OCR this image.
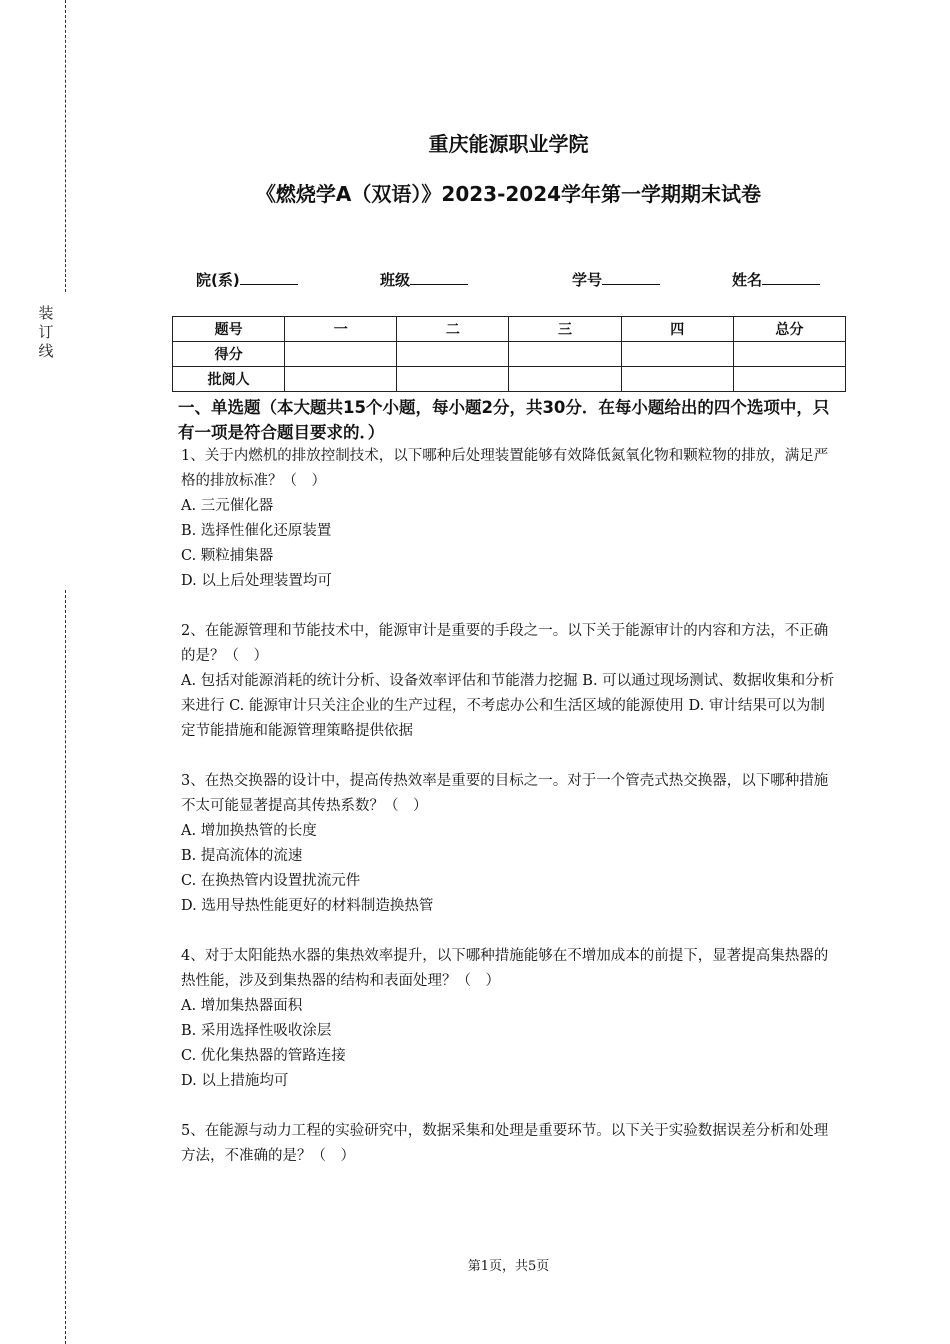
装
订
线
重庆能源职业学院
《燃烧学A（双语）》2023-2024学年第一学期期末试卷
院(系)	班级	学号	姓名
题号	一	二	三	四	总分
得分					
批阅人					
一、单选题（本大题共15个小题，每小题2分，共30分．在每小题给出的四个选项中，只有一项是符合题目要求的．）

1、关于内燃机的排放控制技术，以下哪种后处理装置能够有效降低氮氧化物和颗粒物的排放，满足严格的排放标准？（　）

A. 三元催化器

B. 选择性催化还原装置

C. 颗粒捕集器

D. 以上后处理装置均可

2、在能源管理和节能技术中，能源审计是重要的手段之一。以下关于能源审计的内容和方法，不正确的是？（　）

A. 包括对能源消耗的统计分析、设备效率评估和节能潜力挖掘 B. 可以通过现场测试、数据收集和分析来进行 C. 能源审计只关注企业的生产过程，不考虑办公和生活区域的能源使用 D. 审计结果可以为制定节能措施和能源管理策略提供依据

3、在热交换器的设计中，提高传热效率是重要的目标之一。对于一个管壳式热交换器，以下哪种措施不太可能显著提高其传热系数？（　）

A. 增加换热管的长度

B. 提高流体的流速

C. 在换热管内设置扰流元件

D. 选用导热性能更好的材料制造换热管

4、对于太阳能热水器的集热效率提升，以下哪种措施能够在不增加成本的前提下，显著提高集热器的热性能，涉及到集热器的结构和表面处理？（　）

A. 增加集热器面积

B. 采用选择性吸收涂层

C. 优化集热器的管路连接

D. 以上措施均可

5、在能源与动力工程的实验研究中，数据采集和处理是重要环节。以下关于实验数据误差分析和处理方法，不准确的是？（　）

第1页，共5页
